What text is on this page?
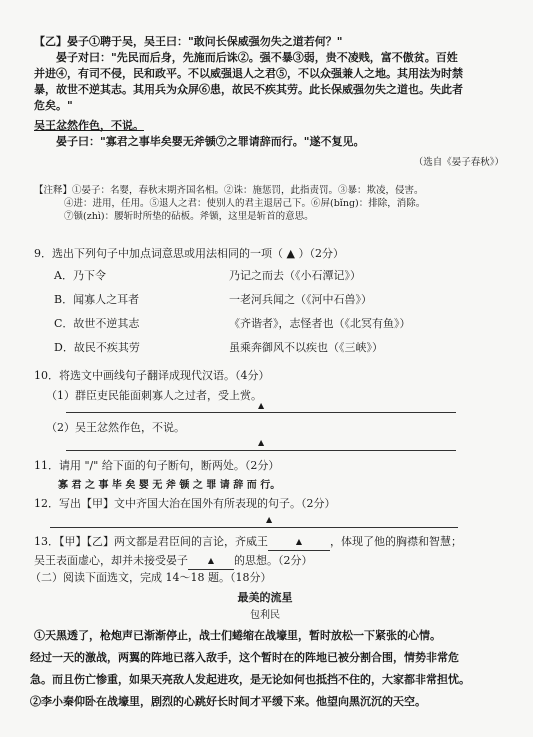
【乙】晏子①聘于吴，吴王曰："敢问长保威强勿失之道若何？"
晏子对曰："先民而后身，先施而后诛②。强不暴③弱，贵不凌贱，富不傲贫。百姓
并进④，有司不侵，民和政平。不以威强退人之君⑤，不以众强兼人之地。其用法为时禁
暴，故世不逆其志。其用兵为众屏⑥患，故民不疾其劳。此长保威强勿失之道也。失此者
危矣。"
吴王忿然作色，不说。
晏子曰："寡君之事毕矣婴无斧锧⑦之罪请辞而行。"遂不复见。
（选自《晏子春秋》）
【注释】①晏子：名婴，春秋末期齐国名相。②诛：施惩罚，此指责罚。③暴：欺凌，侵害。
④进：进用，任用。⑤退人之君：使别人的君主退居己下。⑥屏(bǐng)：排除，消除。
⑦锧(zhì)：腰斩时所垫的砧板。斧锧，这里是斩首的意思。
9．选出下列句子中加点词意思或用法相同的一项（ ▲ ）（2分）
A．乃下令	乃记之而去（《小石潭记》）
B．闻寡人之耳者	一老河兵闻之（《河中石兽》）
C．故世不逆其志	《齐谐者》，志怪者也（《北冥有鱼》）
D．故民不疾其劳	虽乘奔御风不以疾也（《三峡》）
10．将选文中画线句子翻译成现代汉语。（4分）
（1）群臣吏民能面刺寡人之过者，受上赏。
▲
（2）吴王忿然作色，不说。
▲
11．请用 "/" 给下面的句子断句，断两处。（2分）
寡 君 之 事 毕 矣 婴 无 斧 锧 之 罪 请 辞 而 行。
12．写出【甲】文中齐国大治在国外有所表现的句子。（2分）
▲
13．【甲】【乙】两文都是君臣间的言论，齐威王	▲	，体现了他的胸襟和智慧；
吴王表面虚心，却并未接受晏子 ▲ 的思想。（2分）
（二）阅读下面选文，完成 14～18 题。（18分）
最美的流星
包利民
①天黑透了，枪炮声已渐渐停止，战士们蜷缩在战壕里，暂时放松一下紧张的心情。
经过一天的激战，两翼的阵地已落入敌手，这个暂时在的阵地已被分割合围，情势非常危
急。而且伤亡惨重，如果天亮敌人发起进攻，是无论如何也抵挡不住的，大家都非常担忧。
②李小秦仰卧在战壕里，剧烈的心跳好长时间才平缓下来。他望向黑沉沉的天空。
